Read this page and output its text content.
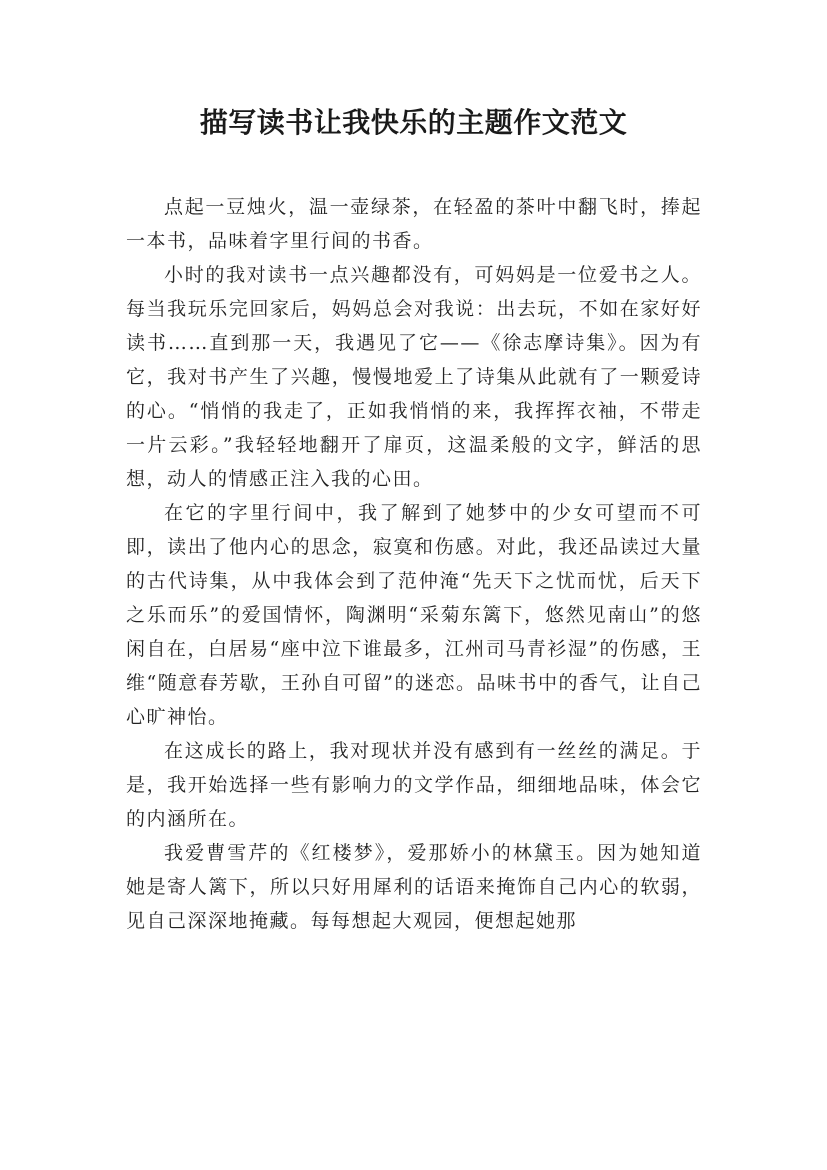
描写读书让我快乐的主题作文范文

点起一豆烛火，温一壶绿茶，在轻盈的茶叶中翻飞时，捧起一本书，品味着字里行间的书香。

小时的我对读书一点兴趣都没有，可妈妈是一位爱书之人。每当我玩乐完回家后，妈妈总会对我说：出去玩，不如在家好好读书……直到那一天，我遇见了它——《徐志摩诗集》。因为有它，我对书产生了兴趣，慢慢地爱上了诗集从此就有了一颗爱诗的心。“悄悄的我走了，正如我悄悄的来，我挥挥衣袖，不带走一片云彩。”我轻轻地翻开了扉页，这温柔般的文字，鲜活的思想，动人的情感正注入我的心田。

在它的字里行间中，我了解到了她梦中的少女可望而不可即，读出了他内心的思念，寂寞和伤感。对此，我还品读过大量的古代诗集，从中我体会到了范仲淹“先天下之忧而忧，后天下之乐而乐”的爱国情怀，陶渊明“采菊东篱下，悠然见南山”的悠闲自在，白居易“座中泣下谁最多，江州司马青衫湿”的伤感，王维“随意春芳歇，王孙自可留”的迷恋。品味书中的香气，让自己心旷神怡。

在这成长的路上，我对现状并没有感到有一丝丝的满足。于是，我开始选择一些有影响力的文学作品，细细地品味，体会它的内涵所在。

我爱曹雪芹的《红楼梦》，爱那娇小的林黛玉。因为她知道她是寄人篱下，所以只好用犀利的话语来掩饰自己内心的软弱，见自己深深地掩藏。每每想起大观园，便想起她那
